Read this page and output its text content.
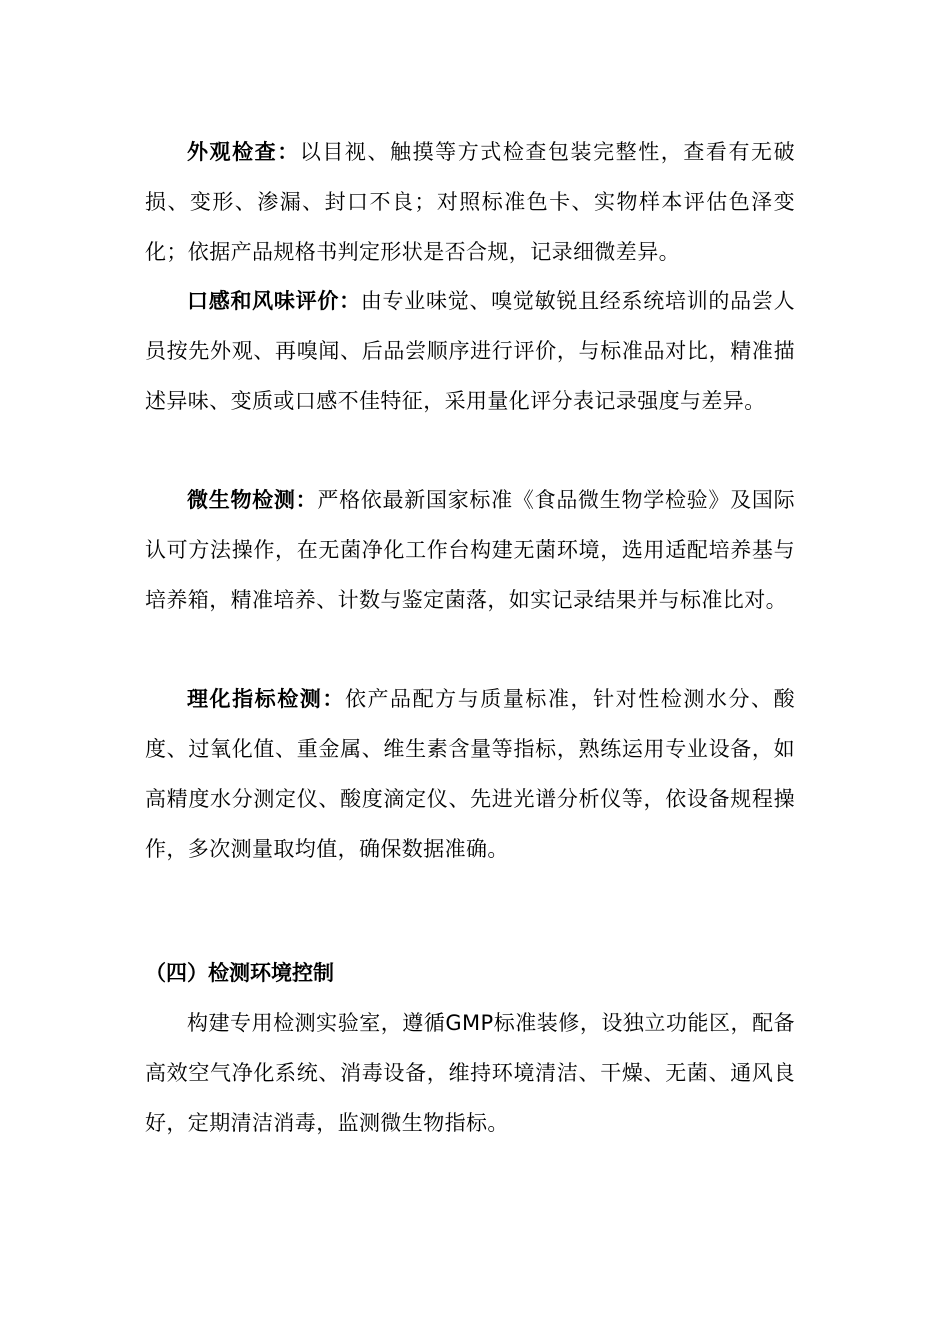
外观检查：以目视、触摸等方式检查包装完整性，查看有无破损、变形、渗漏、封口不良；对照标准色卡、实物样本评估色泽变化；依据产品规格书判定形状是否合规，记录细微差异。

口感和风味评价：由专业味觉、嗅觉敏锐且经系统培训的品尝人员按先外观、再嗅闻、后品尝顺序进行评价，与标准品对比，精准描述异味、变质或口感不佳特征，采用量化评分表记录强度与差异。

微生物检测：严格依最新国家标准《食品微生物学检验》及国际认可方法操作，在无菌净化工作台构建无菌环境，选用适配培养基与培养箱，精准培养、计数与鉴定菌落，如实记录结果并与标准比对。

理化指标检测：依产品配方与质量标准，针对性检测水分、酸度、过氧化值、重金属、维生素含量等指标，熟练运用专业设备，如高精度水分测定仪、酸度滴定仪、先进光谱分析仪等，依设备规程操作，多次测量取均值，确保数据准确。

（四）检测环境控制

构建专用检测实验室，遵循GMP标准装修，设独立功能区，配备高效空气净化系统、消毒设备，维持环境清洁、干燥、无菌、通风良好，定期清洁消毒，监测微生物指标。
